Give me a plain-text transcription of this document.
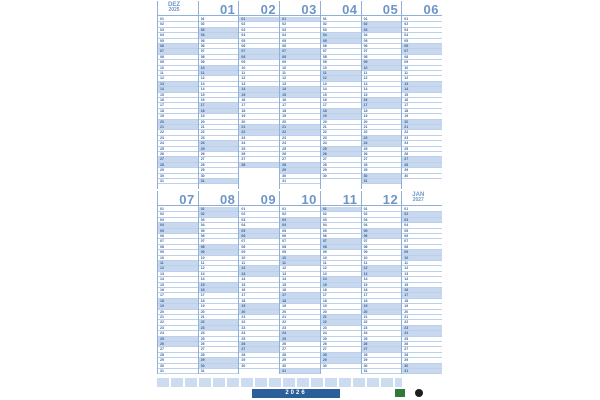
DEZ
2025
01
02
03
04
05
06
07
08
09
10
11
12
13
14
15
16
17
18
19
20
21
22
23
24
25
26
27
28
29
30
31
01
01
02
03
04
05
06
07
08
09
10
11
12
13
14
15
16
17
18
19
20
21
22
23
24
25
26
27
28
29
30
31
02
01
02
03
04
05
06
07
08
09
10
11
12
13
14
15
16
17
18
19
20
21
22
23
24
25
26
27
28
03
01
02
03
04
05
06
07
08
09
10
11
12
13
14
15
16
17
18
19
20
21
22
23
24
25
26
27
28
29
30
31
04
01
02
03
04
05
06
07
08
09
10
11
12
13
14
15
16
17
18
19
20
21
22
23
24
25
26
27
28
29
30
05
01
02
03
04
05
06
07
08
09
10
11
12
13
14
15
16
17
18
19
20
21
22
23
24
25
26
27
28
29
30
31
06
01
02
03
04
05
06
07
08
09
10
11
12
13
14
15
16
17
18
19
20
21
22
23
24
25
26
27
28
29
30
07
01
02
03
04
05
06
07
08
09
10
11
12
13
14
15
16
17
18
19
20
21
22
23
24
25
26
27
28
29
30
31
08
01
02
03
04
05
06
07
08
09
10
11
12
13
14
15
16
17
18
19
20
21
22
23
24
25
26
27
28
29
30
31
09
01
02
03
04
05
06
07
08
09
10
11
12
13
14
15
16
17
18
19
20
21
22
23
24
25
26
27
28
29
30
10
01
02
03
04
05
06
07
08
09
10
11
12
13
14
15
16
17
18
19
20
21
22
23
24
25
26
27
28
29
30
31
11
01
02
03
04
05
06
07
08
09
10
11
12
13
14
15
16
17
18
19
20
21
22
23
24
25
26
27
28
29
30
12
01
02
03
04
05
06
07
08
09
10
11
12
13
14
15
16
17
18
19
20
21
22
23
24
25
26
27
28
29
30
31
JAN
2027
01
02
03
04
05
06
07
08
09
10
11
12
13
14
15
16
17
18
19
20
21
22
23
24
25
26
27
28
29
30
31
2026
